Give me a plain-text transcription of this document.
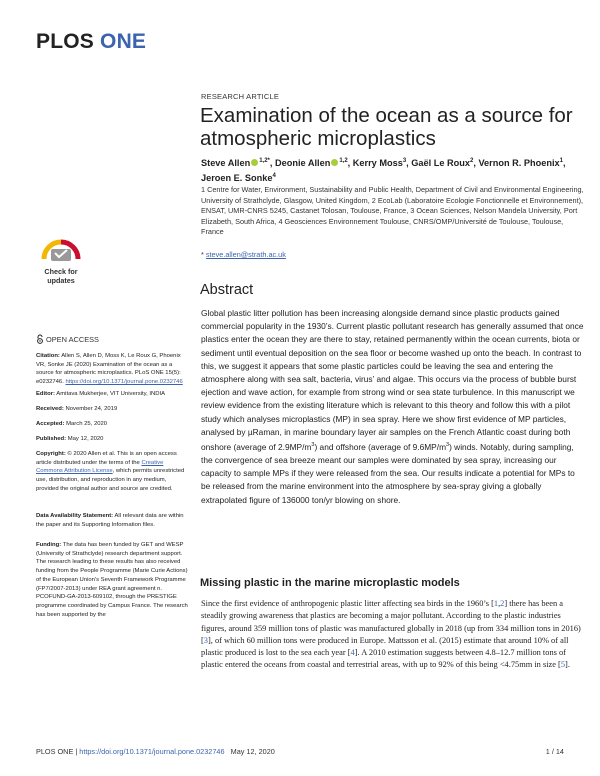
PLOS ONE
Check for updates
OPEN ACCESS
Citation: Allen S, Allen D, Moss K, Le Roux G, Phoenix VR, Sonke JE (2020) Examination of the ocean as a source for atmospheric microplastics. PLoS ONE 15(5): e0232746. https://doi.org/10.1371/journal.pone.0232746
Editor: Amitava Mukherjee, VIT University, INDIA
Received: November 24, 2019
Accepted: March 25, 2020
Published: May 12, 2020
Copyright: © 2020 Allen et al. This is an open access article distributed under the terms of the Creative Commons Attribution License, which permits unrestricted use, distribution, and reproduction in any medium, provided the original author and source are credited.
Data Availability Statement: All relevant data are within the paper and its Supporting Information files.
Funding: The data has been funded by GET and WESP (University of Strathclyde) research department support. The research leading to these results has also received funding from the People Programme (Marie Curie Actions) of the European Union's Seventh Framework Programme (FP7/2007-2013) under REA grant agreement n. PCOFUND-GA-2013-609102, through the PRESTIGE programme coordinated by Campus France. The research has been supported by the
RESEARCH ARTICLE
Examination of the ocean as a source for atmospheric microplastics
Steve Allen $^{1,2*}$, Deonie Allen $^{1,2}$, Kerry Moss$^3$, Gaël Le Roux$^2$, Vernon R. Phoenix$^1$, Jeroen E. Sonke$^4$
1 Centre for Water, Environment, Sustainability and Public Health, Department of Civil and Environmental Engineering, University of Strathclyde, Glasgow, United Kingdom, 2 EcoLab (Laboratoire Ecologie Fonctionnelle et Environnement), ENSAT, UMR-CNRS 5245, Castanet Tolosan, Toulouse, France, 3 Ocean Sciences, Nelson Mandela University, Port Elizabeth, South Africa, 4 Geosciences Environnement Toulouse, CNRS/OMP/Université de Toulouse, Toulouse, France
* steve.allen@strath.ac.uk
Abstract
Global plastic litter pollution has been increasing alongside demand since plastic products gained commercial popularity in the 1930’s. Current plastic pollutant research has generally assumed that once plastics enter the ocean they are there to stay, retained permanently within the ocean currents, biota or sediment until eventual deposition on the sea floor or become washed up onto the beach. In contrast to this, we suggest it appears that some plastic particles could be leaving the sea and entering the atmosphere along with sea salt, bacteria, virus’ and algae. This occurs via the process of bubble burst ejection and wave action, for example from strong wind or sea state turbulence. In this manuscript we review evidence from the existing literature which is relevant to this theory and follow this with a pilot study which analyses microplastics (MP) in sea spray. Here we show first evidence of MP particles, analysed by µRaman, in marine boundary layer air samples on the French Atlantic coast during both onshore (average of $2.9MP/m^3$) and offshore (average of $9.6MP/m^3$) winds. Notably, during sampling, the convergence of sea breeze meant our samples were dominated by sea spray, increasing our capacity to sample MPs if they were released from the sea. Our results indicate a potential for MPs to be released from the marine environment into the atmosphere by sea-spray giving a globally extrapolated figure of 136000 ton/yr blowing on shore.
Missing plastic in the marine microplastic models
Since the first evidence of anthropogenic plastic litter affecting sea birds in the 1960’s [1,2] there has been a steadily growing awareness that plastics are becoming a major pollutant. According to the plastic industries figures, around 359 million tons of plastic was manufactured globally in 2018 (up from 334 million tons in 2016) [3], of which 60 million tons were produced in Europe. Mattsson et al. (2015) estimate that around 10% of all plastic produced is lost to the sea each year [4]. A 2010 estimation suggests between 4.8–12.7 million tons of plastic entered the oceans from coastal and terrestrial areas, with up to 92% of this being <4.75mm in size [5].
PLOS ONE | https://doi.org/10.1371/journal.pone.0232746 May 12, 2020	1 / 14
